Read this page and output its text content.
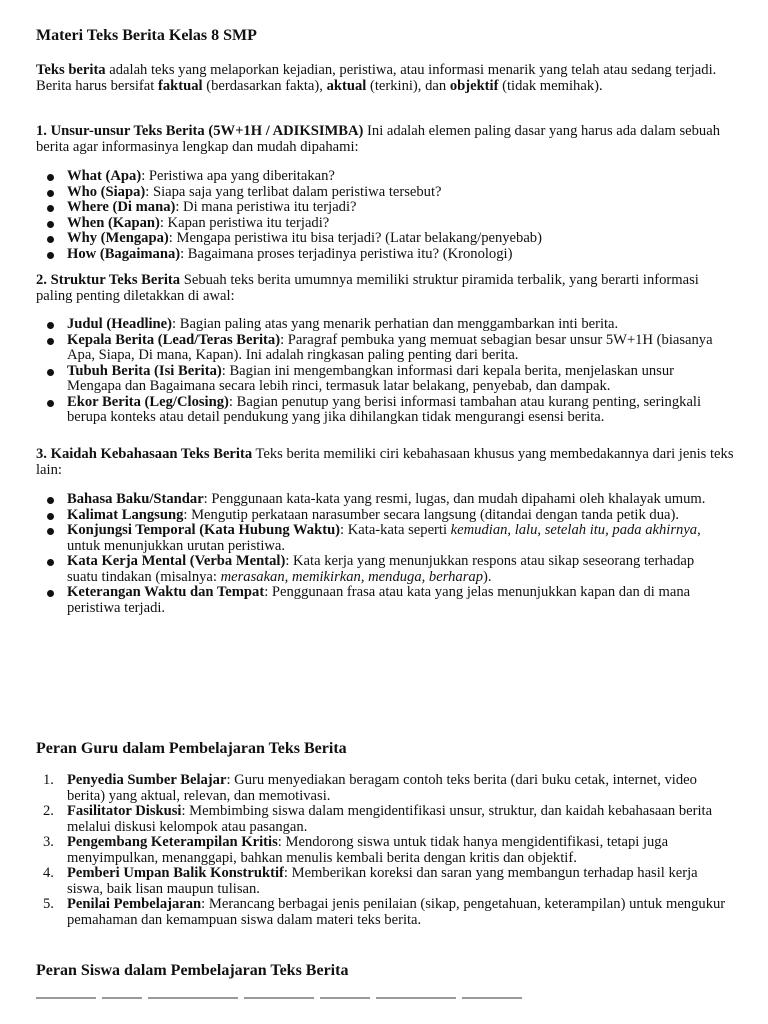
Materi Teks Berita Kelas 8 SMP

Teks berita adalah teks yang melaporkan kejadian, peristiwa, atau informasi menarik yang telah atau sedang terjadi. Berita harus bersifat faktual (berdasarkan fakta), aktual (terkini), dan objektif (tidak memihak).

1. Unsur-unsur Teks Berita (5W+1H / ADIKSIMBA) Ini adalah elemen paling dasar yang harus ada dalam sebuah berita agar informasinya lengkap dan mudah dipahami:

What (Apa): Peristiwa apa yang diberitakan?
Who (Siapa): Siapa saja yang terlibat dalam peristiwa tersebut?
Where (Di mana): Di mana peristiwa itu terjadi?
When (Kapan): Kapan peristiwa itu terjadi?
Why (Mengapa): Mengapa peristiwa itu bisa terjadi? (Latar belakang/penyebab)
How (Bagaimana): Bagaimana proses terjadinya peristiwa itu? (Kronologi)

2. Struktur Teks Berita Sebuah teks berita umumnya memiliki struktur piramida terbalik, yang berarti informasi paling penting diletakkan di awal:

Judul (Headline): Bagian paling atas yang menarik perhatian dan menggambarkan inti berita.
Kepala Berita (Lead/Teras Berita): Paragraf pembuka yang memuat sebagian besar unsur 5W+1H (biasanya Apa, Siapa, Di mana, Kapan). Ini adalah ringkasan paling penting dari berita.
Tubuh Berita (Isi Berita): Bagian ini mengembangkan informasi dari kepala berita, menjelaskan unsur Mengapa dan Bagaimana secara lebih rinci, termasuk latar belakang, penyebab, dan dampak.
Ekor Berita (Leg/Closing): Bagian penutup yang berisi informasi tambahan atau kurang penting, seringkali berupa konteks atau detail pendukung yang jika dihilangkan tidak mengurangi esensi berita.

3. Kaidah Kebahasaan Teks Berita Teks berita memiliki ciri kebahasaan khusus yang membedakannya dari jenis teks lain:

Bahasa Baku/Standar: Penggunaan kata-kata yang resmi, lugas, dan mudah dipahami oleh khalayak umum.
Kalimat Langsung: Mengutip perkataan narasumber secara langsung (ditandai dengan tanda petik dua).
Konjungsi Temporal (Kata Hubung Waktu): Kata-kata seperti kemudian, lalu, setelah itu, pada akhirnya, untuk menunjukkan urutan peristiwa.
Kata Kerja Mental (Verba Mental): Kata kerja yang menunjukkan respons atau sikap seseorang terhadap suatu tindakan (misalnya: merasakan, memikirkan, menduga, berharap).
Keterangan Waktu dan Tempat: Penggunaan frasa atau kata yang jelas menunjukkan kapan dan di mana peristiwa terjadi.
Peran Guru dalam Pembelajaran Teks Berita
1. Penyedia Sumber Belajar: Guru menyediakan beragam contoh teks berita (dari buku cetak, internet, video berita) yang aktual, relevan, dan memotivasi.
2. Fasilitator Diskusi: Membimbing siswa dalam mengidentifikasi unsur, struktur, dan kaidah kebahasaan berita melalui diskusi kelompok atau pasangan.
3. Pengembang Keterampilan Kritis: Mendorong siswa untuk tidak hanya mengidentifikasi, tetapi juga menyimpulkan, menanggapi, bahkan menulis kembali berita dengan kritis dan objektif.
4. Pemberi Umpan Balik Konstruktif: Memberikan koreksi dan saran yang membangun terhadap hasil kerja siswa, baik lisan maupun tulisan.
5. Penilai Pembelajaran: Merancang berbagai jenis penilaian (sikap, pengetahuan, keterampilan) untuk mengukur pemahaman dan kemampuan siswa dalam materi teks berita.
Peran Siswa dalam Pembelajaran Teks Berita
